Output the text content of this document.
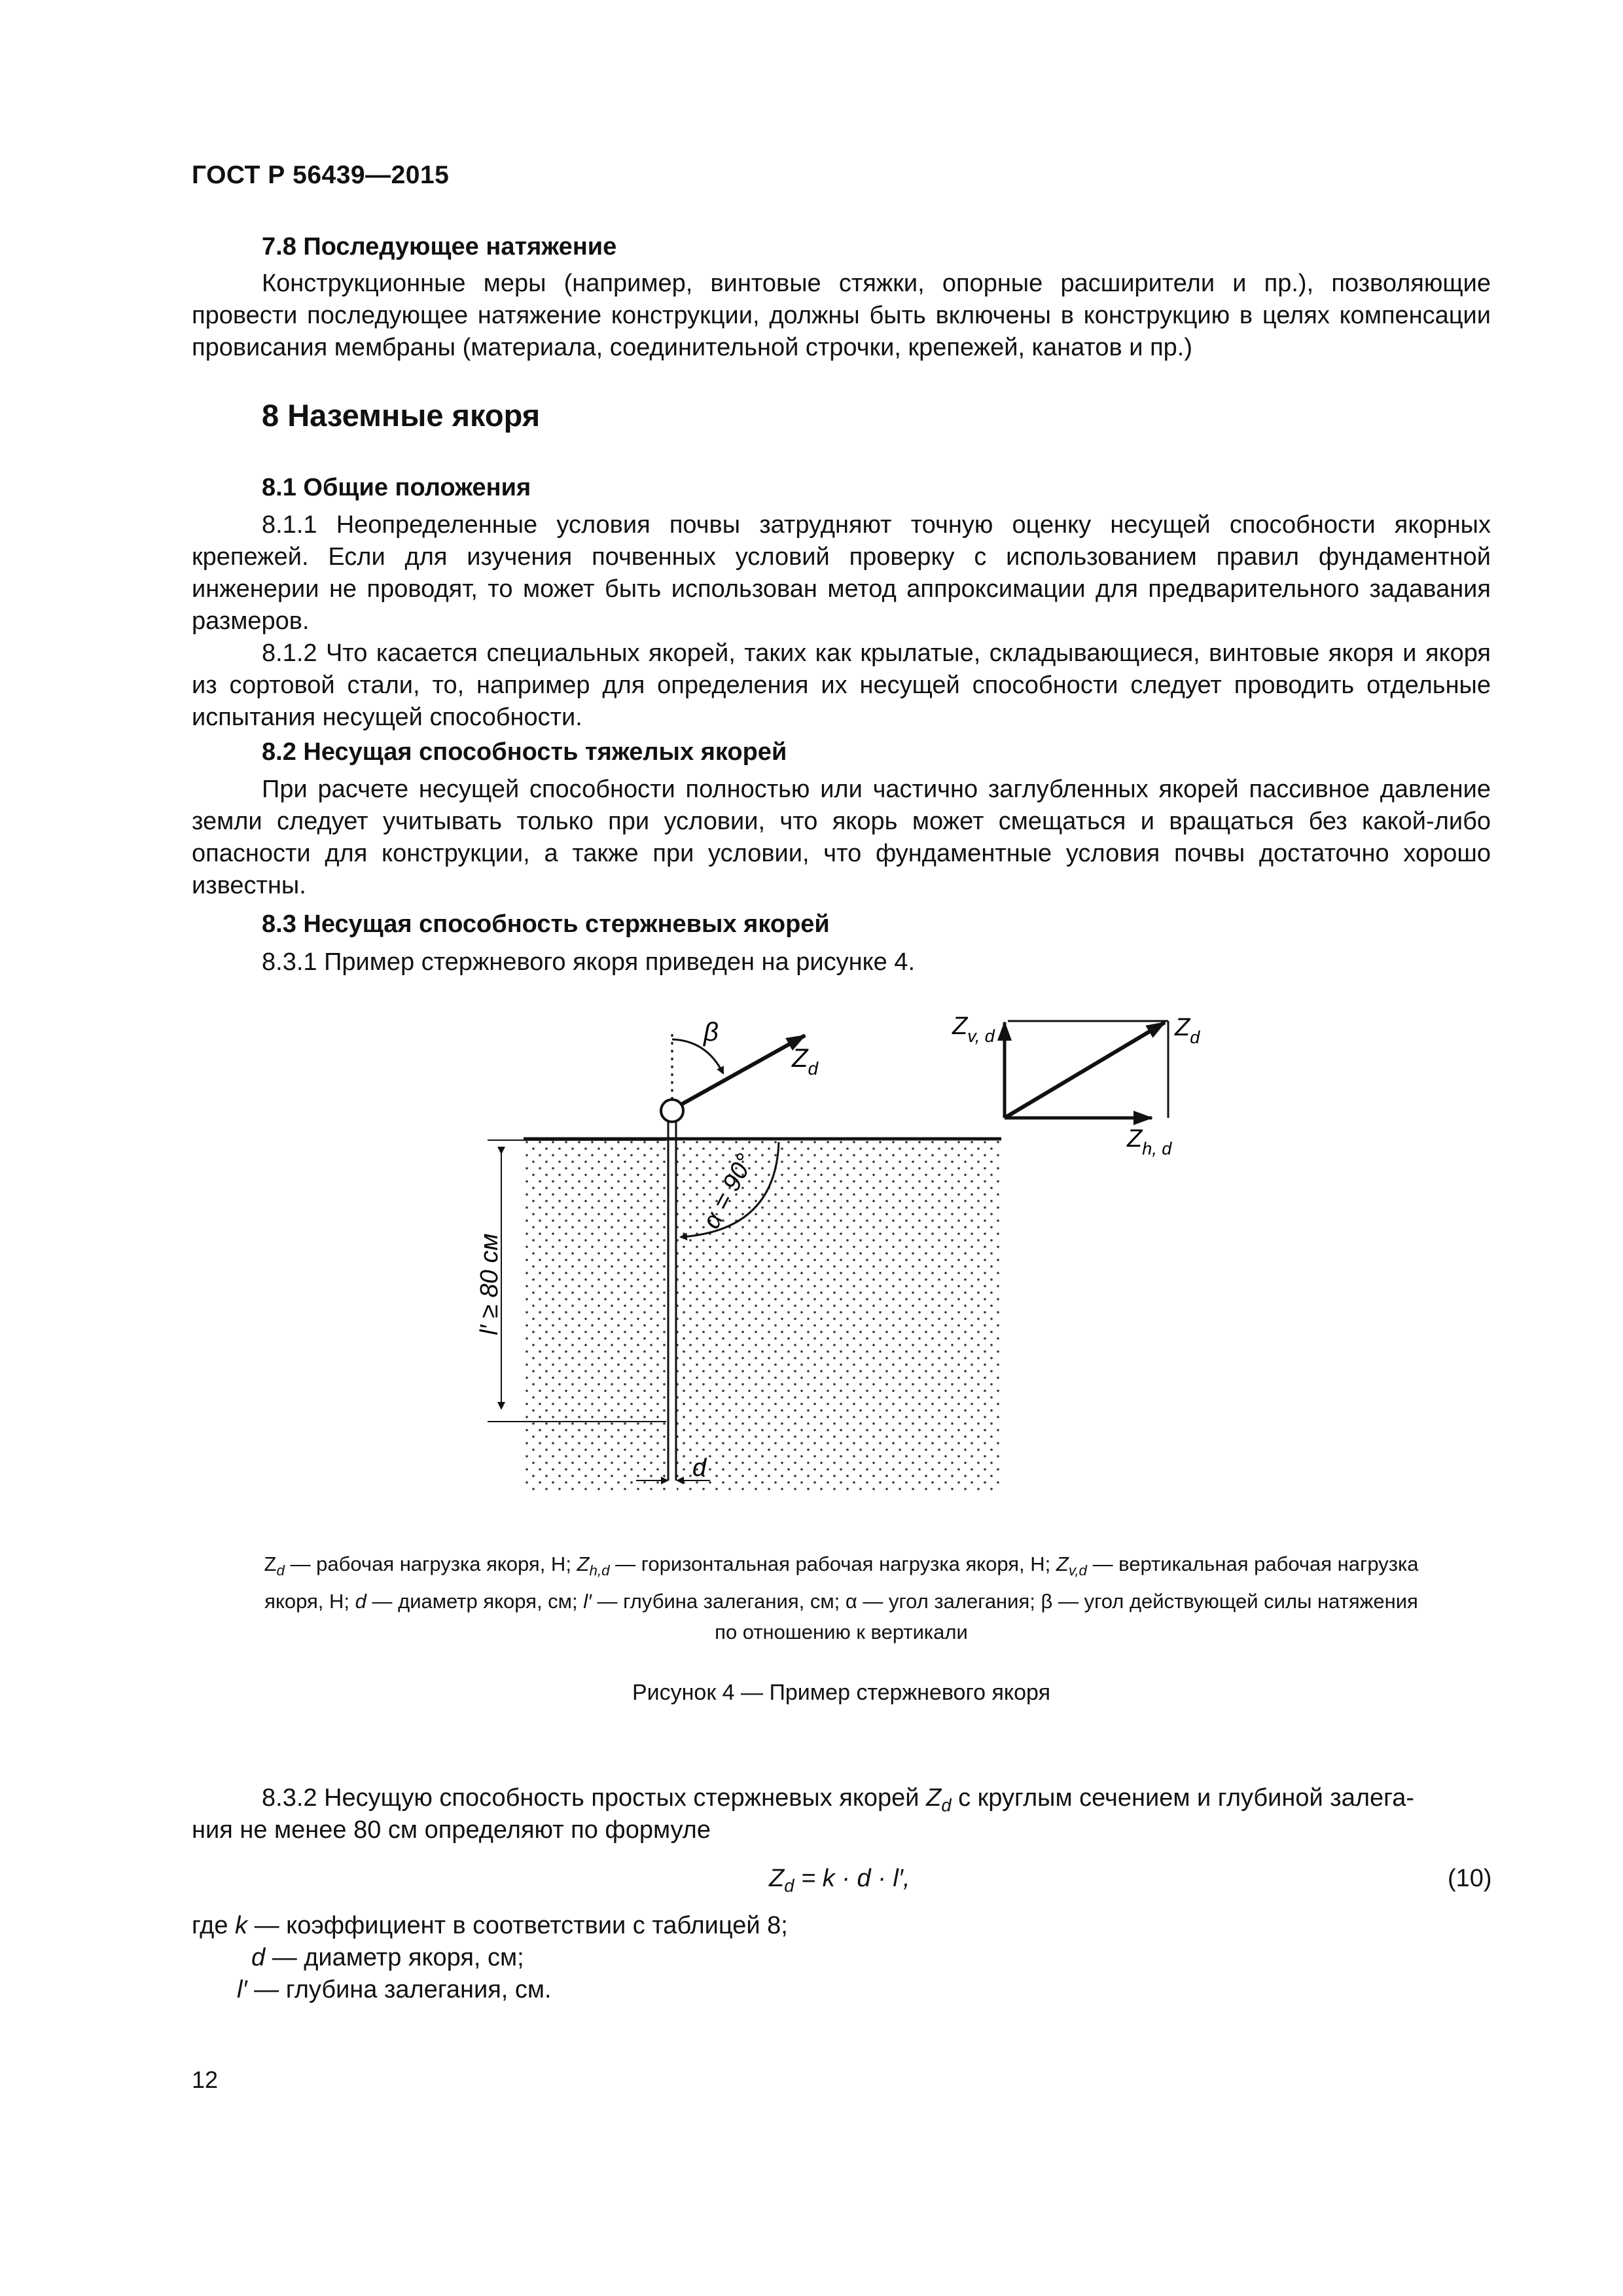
ГОСТ Р 56439—2015
7.8 Последующее натяжение
Конструкционные меры (например, винтовые стяжки, опорные расширители и пр.), позволяющие провести последующее натяжение конструкции, должны быть включены в конструкцию в целях компенсации провисания мембраны (материала, соединительной строчки, крепежей, канатов и пр.)
8 Наземные якоря
8.1 Общие положения
8.1.1 Неопределенные условия почвы затрудняют точную оценку несущей способности якорных крепежей. Если для изучения почвенных условий проверку с использованием правил фундаментной инженерии не проводят, то может быть использован метод аппроксимации для предварительного задавания размеров.
8.1.2 Что касается специальных якорей, таких как крылатые, складывающиеся, винтовые якоря и якоря из сортовой стали, то, например для определения их несущей способности следует проводить отдельные испытания несущей способности.
8.2 Несущая способность тяжелых якорей
При расчете несущей способности полностью или частично заглубленных якорей пассивное давление земли следует учитывать только при условии, что якорь может смещаться и вращаться без какой-либо опасности для конструкции, а также при условии, что фундаментные условия почвы достаточно хорошо известны.
8.3 Несущая способность стержневых якорей
8.3.1 Пример стержневого якоря приведен на рисунке 4.
β
$Z_d$
α = 90°
l′ ≥ 80 см
d
$Z_{v, d}$	$Z_d$
$Z_{h, d}$
$Z_d$ — рабочая нагрузка якоря, Н; $Z_{h,d}$ — горизонтальная рабочая нагрузка якоря, Н; $Z_{v,d}$ — вертикальная рабочая нагрузка
якоря, Н; d — диаметр якоря, см; l′ — глубина залегания, см; α — угол залегания; β — угол действующей силы натяжения
по отношению к вертикали
Рисунок 4 — Пример стержневого якоря
8.3.2 Несущую способность простых стержневых якорей $Z_d$ с круглым сечением и глубиной залега-
ния не менее 80 см определяют по формуле
$Z_d = k \cdot d \cdot l'$,	(10)
где k — коэффициент в соответствии с таблицей 8;
d — диаметр якоря, см;
l′ — глубина залегания, см.
12
